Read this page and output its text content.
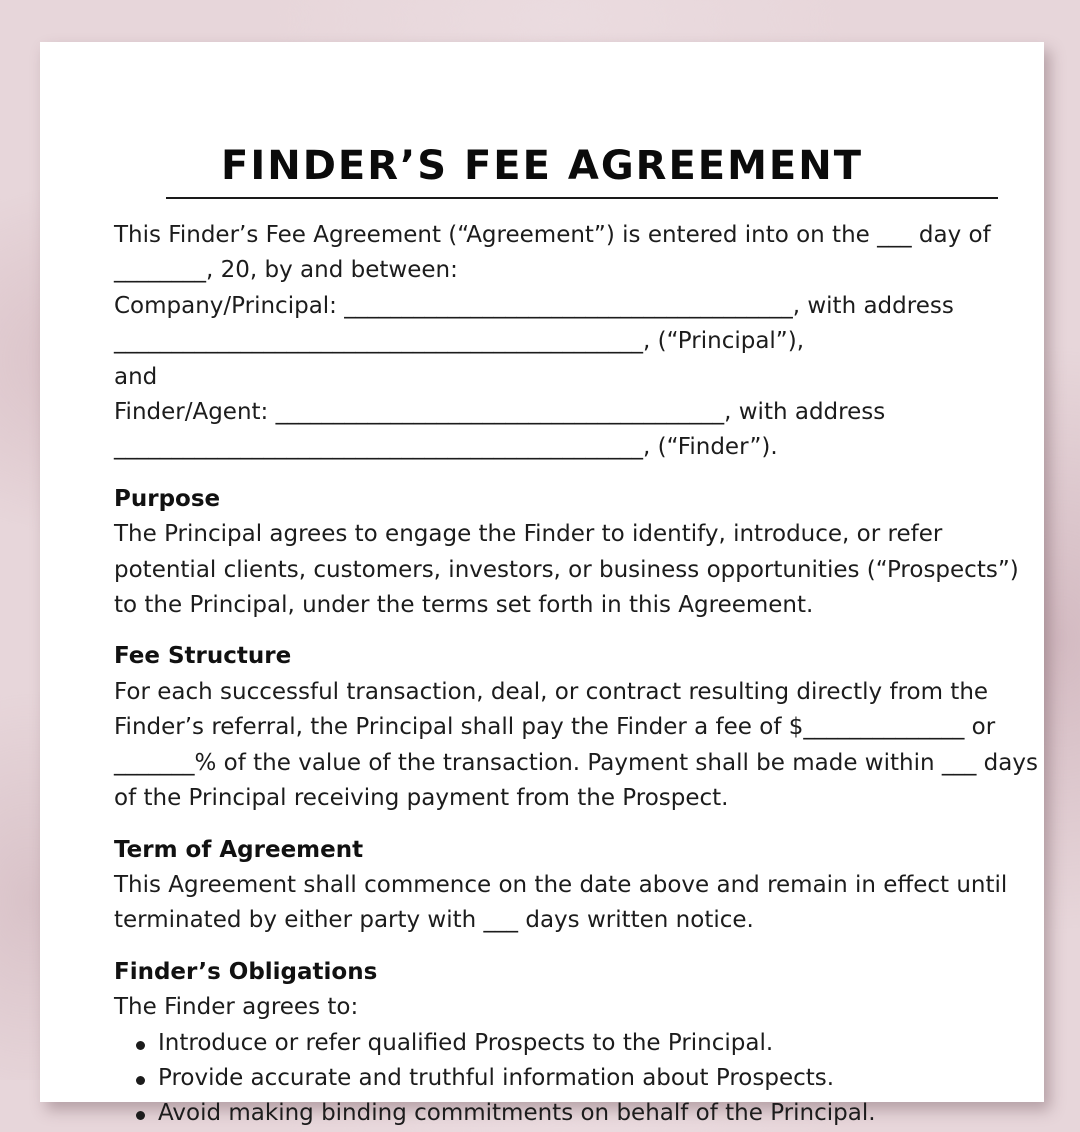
FINDER’S FEE AGREEMENT
This Finder’s Fee Agreement (“Agreement”) is entered into on the ___ day of
________, 20, by and between:
Company/Principal: _______________________________________, with address
______________________________________________, (“Principal”),
and
Finder/Agent: _______________________________________, with address
______________________________________________, (“Finder”).
Purpose
The Principal agrees to engage the Finder to identify, introduce, or refer
potential clients, customers, investors, or business opportunities (“Prospects”)
to the Principal, under the terms set forth in this Agreement.
Fee Structure
For each successful transaction, deal, or contract resulting directly from the
Finder’s referral, the Principal shall pay the Finder a fee of $______________ or
_______% of the value of the transaction. Payment shall be made within ___ days
of the Principal receiving payment from the Prospect.
Term of Agreement
This Agreement shall commence on the date above and remain in effect until
terminated by either party with ___ days written notice.
Finder’s Obligations
The Finder agrees to:
Introduce or refer qualified Prospects to the Principal.
Provide accurate and truthful information about Prospects.
Avoid making binding commitments on behalf of the Principal.
